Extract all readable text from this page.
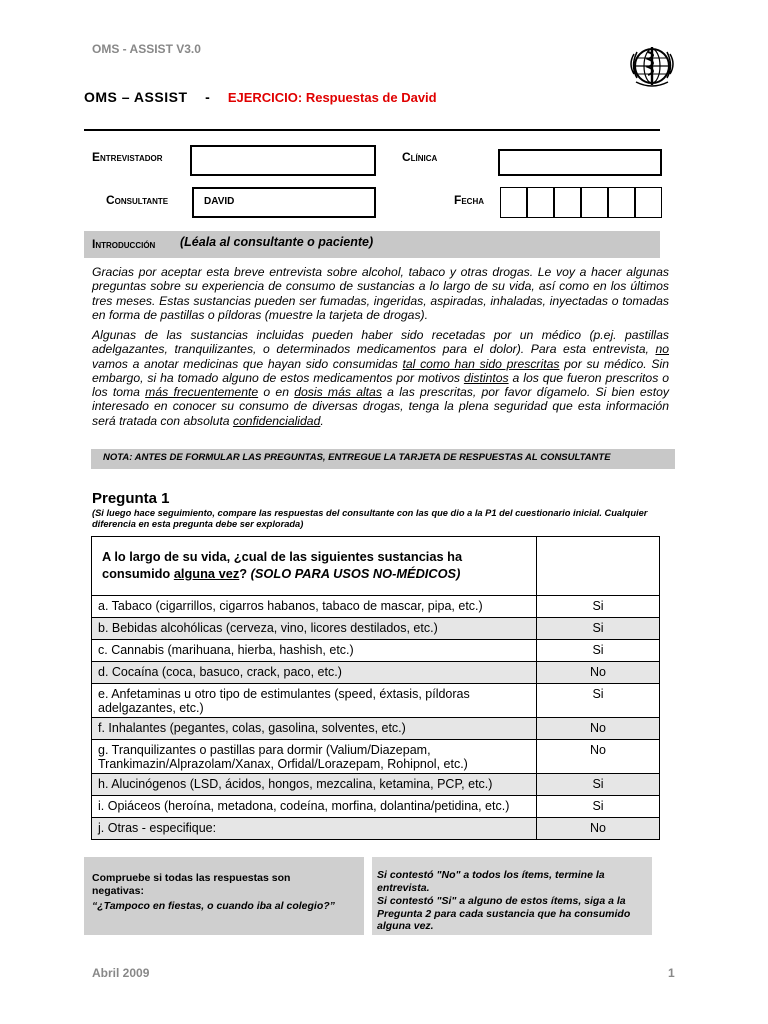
OMS - ASSIST V3.0
OMS – ASSIST - EJERCICIO: Respuestas de David
Entrevistador	Clínica
Consultante	DAVID	Fecha
Introducción (Léala al consultante o paciente)
Gracias por aceptar esta breve entrevista sobre alcohol, tabaco y otras drogas. Le voy a hacer algunas preguntas sobre su experiencia de consumo de sustancias a lo largo de su vida, así como en los últimos tres meses. Estas sustancias pueden ser fumadas, ingeridas, aspiradas, inhaladas, inyectadas o tomadas en forma de pastillas o píldoras (muestre la tarjeta de drogas).
Algunas de las sustancias incluidas pueden haber sido recetadas por un médico (p.ej. pastillas adelgazantes, tranquilizantes, o determinados medicamentos para el dolor). Para esta entrevista, no vamos a anotar medicinas que hayan sido consumidas tal como han sido prescritas por su médico. Sin embargo, si ha tomado alguno de estos medicamentos por motivos distintos a los que fueron prescritos o los toma más frecuentemente o en dosis más altas a las prescritas, por favor dígamelo. Si bien estoy interesado en conocer su consumo de diversas drogas, tenga la plena seguridad que esta información será tratada con absoluta confidencialidad.
NOTA: ANTES DE FORMULAR LAS PREGUNTAS, ENTREGUE LA TARJETA DE RESPUESTAS AL CONSULTANTE
Pregunta 1
(Si luego hace seguimiento, compare las respuestas del consultante con las que dio a la P1 del cuestionario inicial. Cualquier diferencia en esta pregunta debe ser explorada)
A lo largo de su vida, ¿cual de las siguientes sustancias ha consumido alguna vez? (SOLO PARA USOS NO-MÉDICOS)	
a. Tabaco (cigarrillos, cigarros habanos, tabaco de mascar, pipa, etc.)	Si
b. Bebidas alcohólicas (cerveza, vino, licores destilados, etc.)	Si
c. Cannabis (marihuana, hierba, hashish, etc.)	Si
d. Cocaína (coca, basuco, crack, paco, etc.)	No
e. Anfetaminas u otro tipo de estimulantes (speed, éxtasis, píldoras
adelgazantes, etc.)	Si
f. Inhalantes (pegantes, colas, gasolina, solventes, etc.)	No
g. Tranquilizantes o pastillas para dormir (Valium/Diazepam,
Trankimazin/Alprazolam/Xanax, Orfidal/Lorazepam, Rohipnol, etc.)	No
h. Alucinógenos (LSD, ácidos, hongos, mezcalina, ketamina, PCP, etc.)	Si
i. Opiáceos (heroína, metadona, codeína, morfina, dolantina/petidina, etc.)	Si
j. Otras - especifique:	No
Compruebe si todas las respuestas son negativas:
“¿Tampoco en fiestas, o cuando iba al colegio?”
Si contestó "No" a todos los ítems, termine la entrevista.
Si contestó "Si" a alguno de estos ítems, siga a la Pregunta 2 para cada sustancia que ha consumido alguna vez.
Abril 2009	1
